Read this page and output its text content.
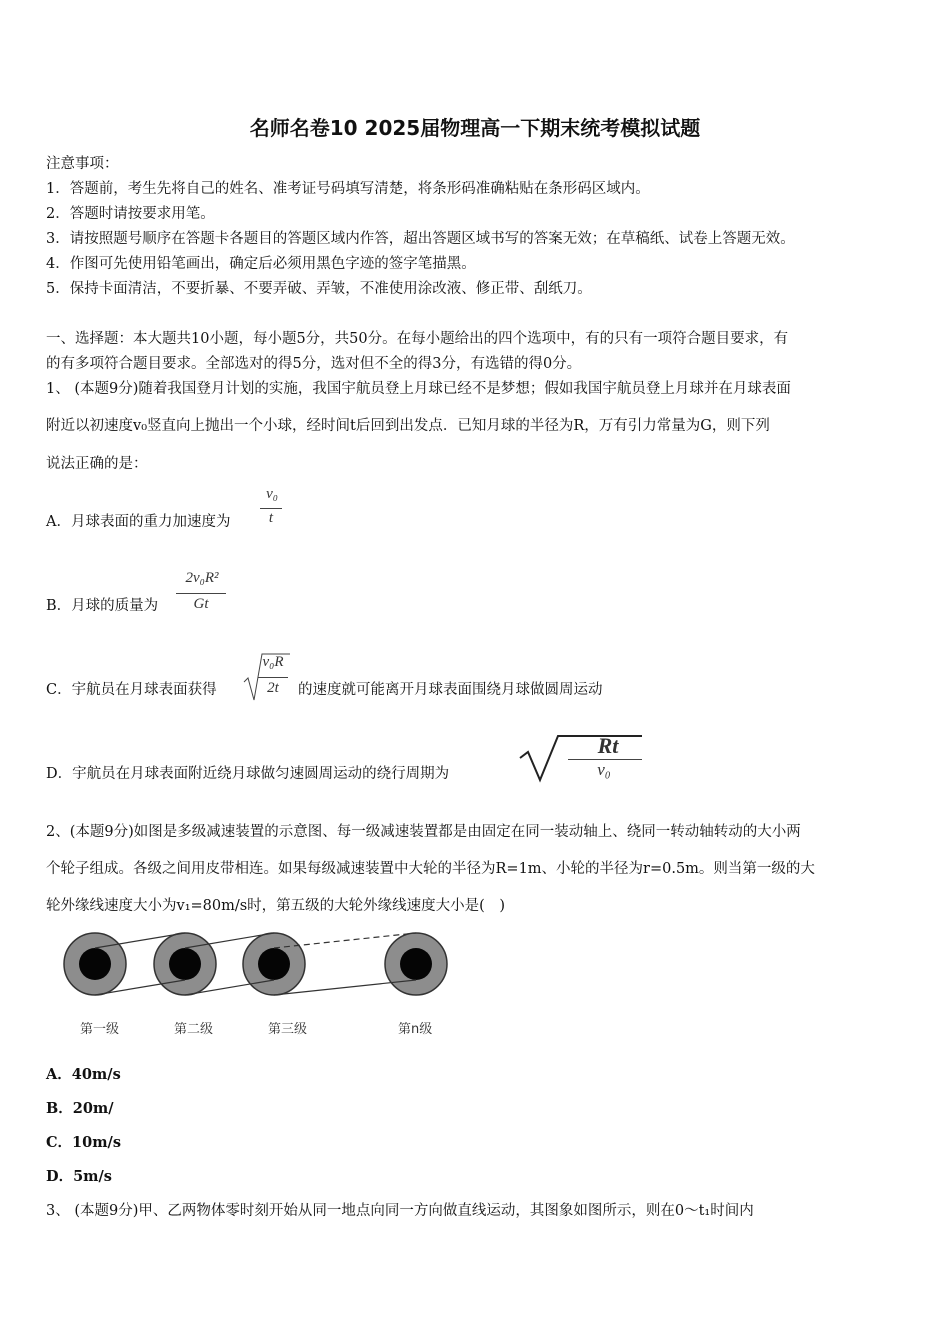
名师名卷10 2025届物理高一下期末统考模拟试题
注意事项：
1．答题前，考生先将自己的姓名、准考证号码填写清楚，将条形码准确粘贴在条形码区域内。
2．答题时请按要求用笔。
3．请按照题号顺序在答题卡各题目的答题区域内作答，超出答题区域书写的答案无效；在草稿纸、试卷上答题无效。
4．作图可先使用铅笔画出，确定后必须用黑色字迹的签字笔描黑。
5．保持卡面清洁，不要折暴、不要弄破、弄皱，不准使用涂改液、修正带、刮纸刀。
一、选择题：本大题共10小题，每小题5分，共50分。在每小题给出的四个选项中，有的只有一项符合题目要求，有
的有多项符合题目要求。全部选对的得5分，选对但不全的得3分，有选错的得0分。
1、 (本题9分)随着我国登月计划的实施，我国宇航员登上月球已经不是梦想；假如我国宇航员登上月球并在月球表面
附近以初速度v₀竖直向上抛出一个小球，经时间t后回到出发点．已知月球的半径为R，万有引力常量为G，则下列
说法正确的是：
A．月球表面的重力加速度为
v₀
t
B．月球的质量为
2v₀R²
Gt
C．宇航员在月球表面获得
v₀R
2t	的速度就可能离开月球表面围绕月球做圆周运动
D．宇航员在月球表面附近绕月球做匀速圆周运动的绕行周期为
Rt
v₀
2、(本题9分)如图是多级减速装置的示意图、每一级减速装置都是由固定在同一装动轴上、绕同一转动轴转动的大小两
个轮子组成。各级之间用皮带相连。如果每级减速装置中大轮的半径为R=1m、小轮的半径为r=0.5m。则当第一级的大
轮外缘线速度大小为v₁=80m/s时，第五级的大轮外缘线速度大小是(　)
第一级	第二级	第三级	第n级
A．40m/s
B．20m/
C．10m/s
D．5m/s
3、 (本题9分)甲、乙两物体零时刻开始从同一地点向同一方向做直线运动，其图象如图所示，则在0～t₁时间内
